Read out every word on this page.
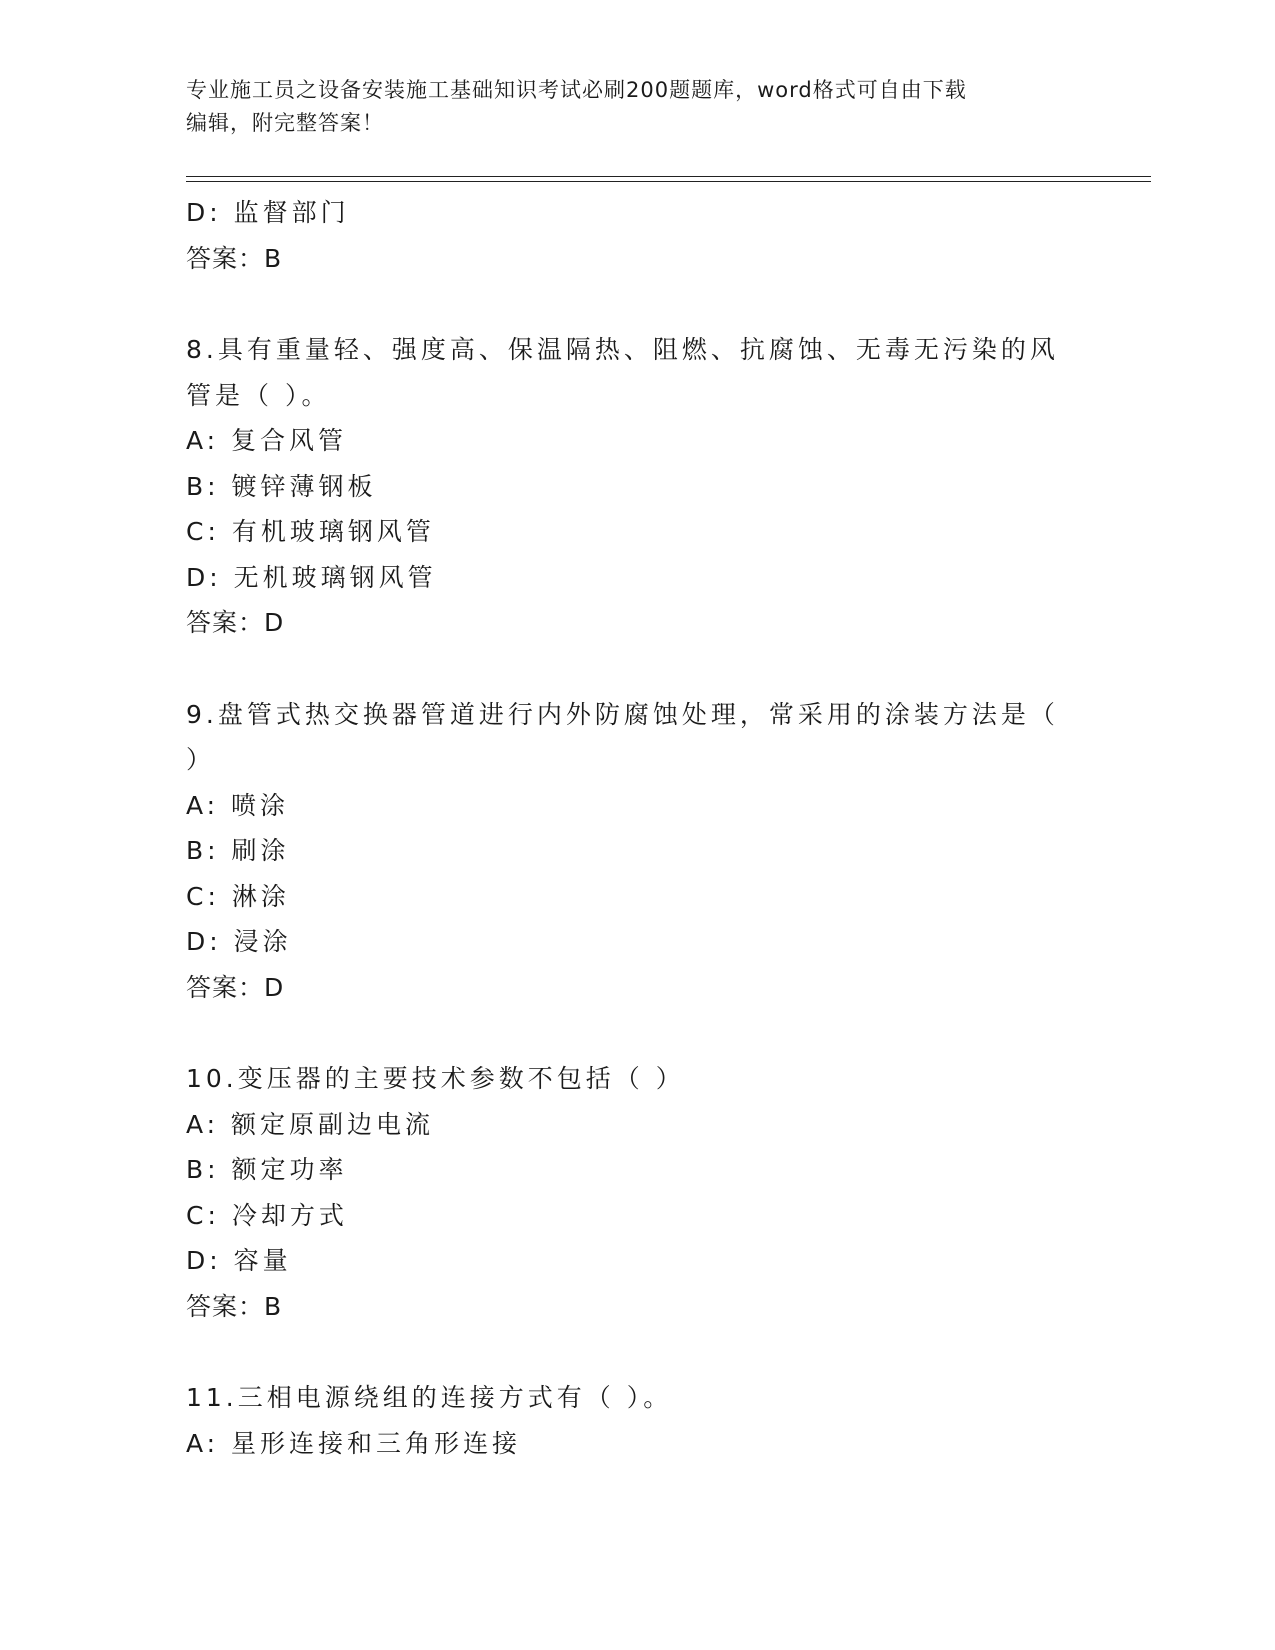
专业施工员之设备安装施工基础知识考试必刷200题题库，word格式可自由下载
编辑，附完整答案！
D: 监督部门
答案：B
8.具有重量轻、强度高、保温隔热、阻燃、抗腐蚀、无毒无污染的风
管是（ ）。
A: 复合风管
B: 镀锌薄钢板
C: 有机玻璃钢风管
D: 无机玻璃钢风管
答案：D
9.盘管式热交换器管道进行内外防腐蚀处理，常采用的涂装方法是（
）
A: 喷涂
B: 刷涂
C: 淋涂
D: 浸涂
答案：D
10.变压器的主要技术参数不包括（ ）
A: 额定原副边电流
B: 额定功率
C: 冷却方式
D: 容量
答案：B
11.三相电源绕组的连接方式有（ ）。
A: 星形连接和三角形连接
